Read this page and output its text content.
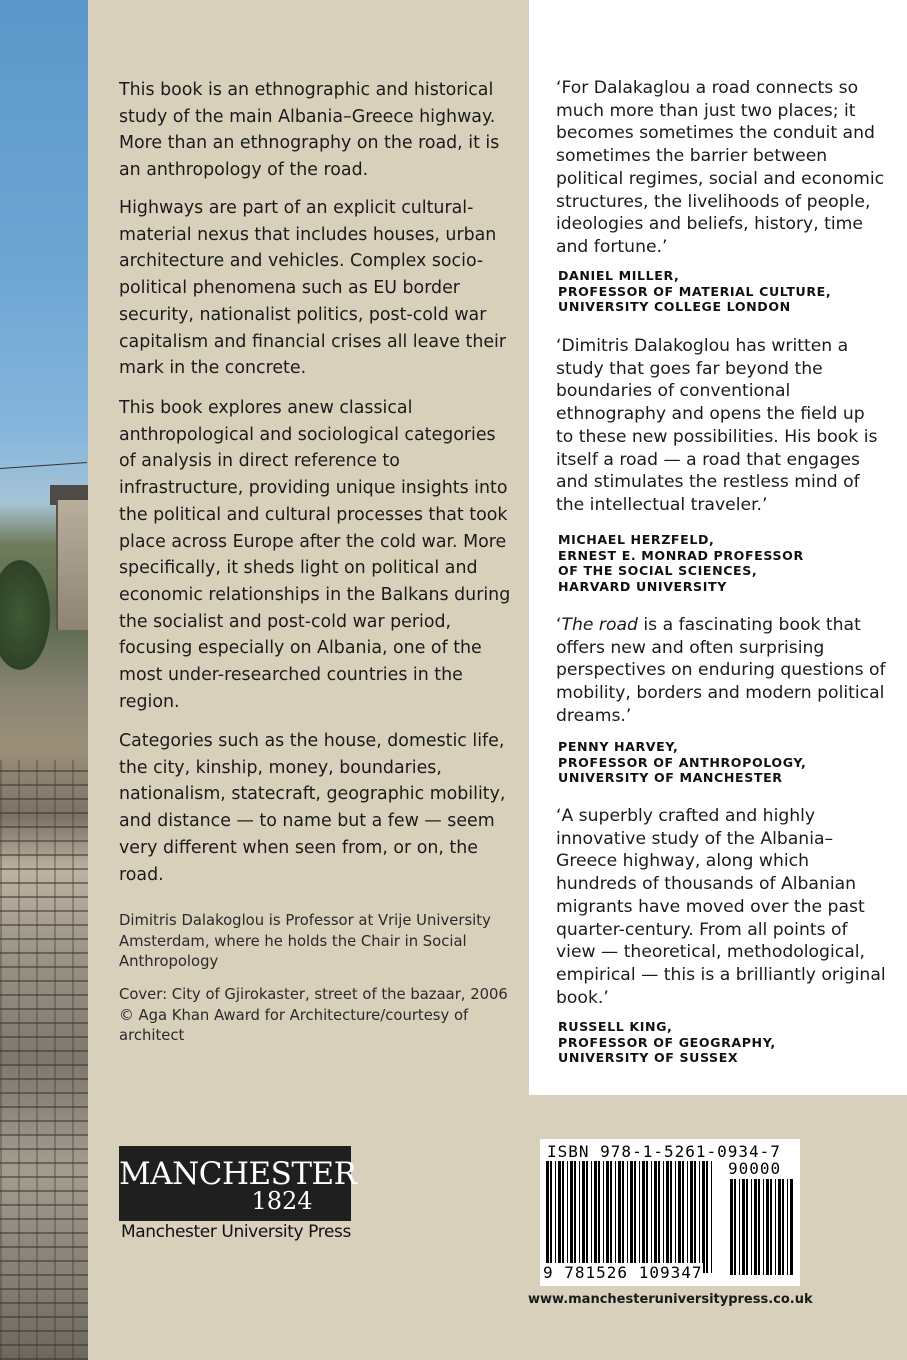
This book is an ethnographic and historical study of the main Albania–Greece highway. More than an ethnography on the road, it is an anthropology of the road.

Highways are part of an explicit cultural-material nexus that includes houses, urban architecture and vehicles. Complex socio-political phenomena such as EU border security, nationalist politics, post-cold war capitalism and financial crises all leave their mark in the concrete.

This book explores anew classical anthropological and sociological categories of analysis in direct reference to infrastructure, providing unique insights into the political and cultural processes that took place across Europe after the cold war. More specifically, it sheds light on political and economic relationships in the Balkans during the socialist and post-cold war period, focusing especially on Albania, one of the most under-researched countries in the region.

Categories such as the house, domestic life, the city, kinship, money, boundaries, nationalism, statecraft, geographic mobility, and distance — to name but a few — seem very different when seen from, or on, the road.

Dimitris Dalakoglou is Professor at Vrije University Amsterdam, where he holds the Chair in Social Anthropology

Cover: City of Gjirokaster, street of the bazaar, 2006 © Aga Khan Award for Architecture/courtesy of architect

‘For Dalakaglou a road connects so much more than just two places; it becomes sometimes the conduit and sometimes the barrier between political regimes, social and economic structures, the livelihoods of people, ideologies and beliefs, history, time and fortune.’

DANIEL MILLER,
PROFESSOR OF MATERIAL CULTURE,
UNIVERSITY COLLEGE LONDON

‘Dimitris Dalakoglou has written a study that goes far beyond the boundaries of conventional ethnography and opens the field up to these new possibilities. His book is itself a road — a road that engages and stimulates the restless mind of the intellectual traveler.’

MICHAEL HERZFELD,
ERNEST E. MONRAD PROFESSOR
OF THE SOCIAL SCIENCES,
HARVARD UNIVERSITY

‘The road is a fascinating book that offers new and often surprising perspectives on enduring questions of mobility, borders and modern political dreams.’

PENNY HARVEY,
PROFESSOR OF ANTHROPOLOGY,
UNIVERSITY OF MANCHESTER

‘A superbly crafted and highly innovative study of the Albania–Greece highway, along which hundreds of thousands of Albanian migrants have moved over the past quarter-century. From all points of view — theoretical, methodological, empirical — this is a brilliantly original book.’

RUSSELL KING,
PROFESSOR OF GEOGRAPHY,
UNIVERSITY OF SUSSEX
MANCHESTER
1824
Manchester University Press
ISBN 978-1-5261-0934-7
90000
9 781526 109347
www.manchesteruniversitypress.co.uk
